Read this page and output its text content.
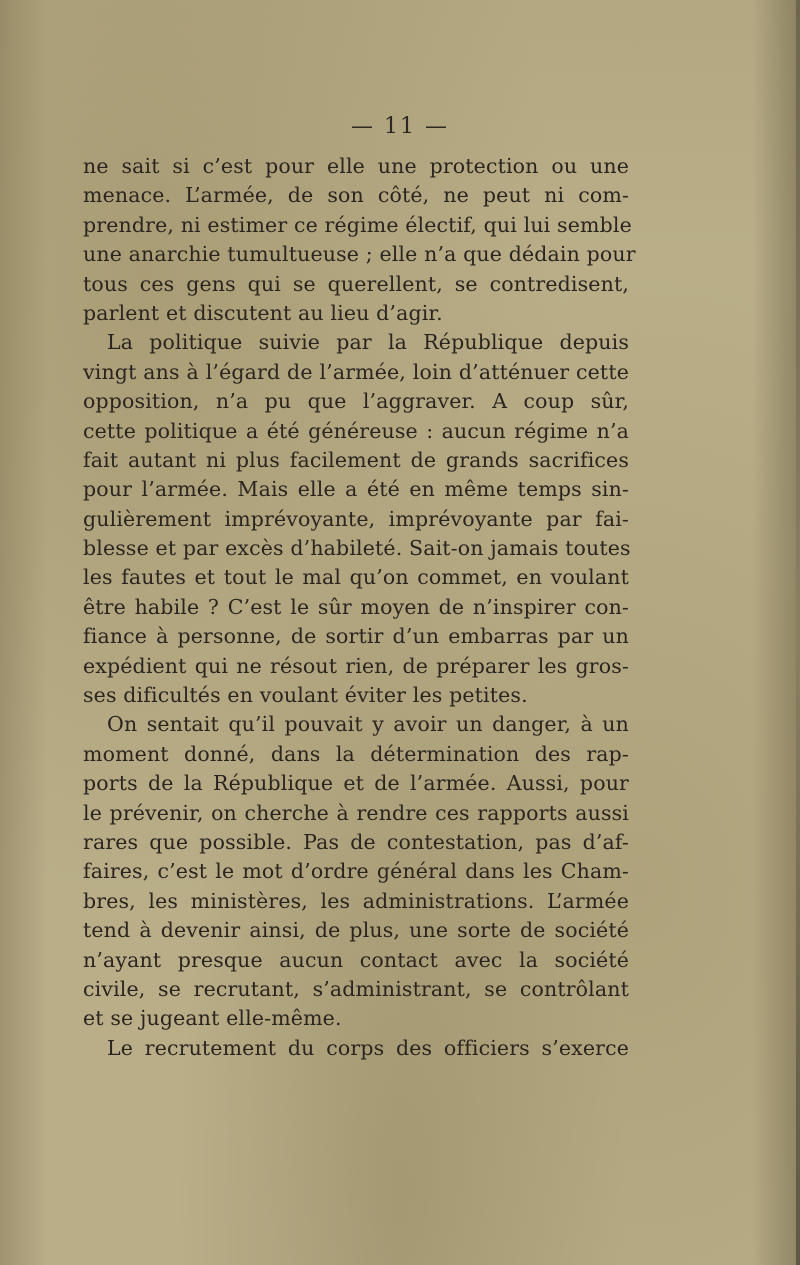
— 11 —
ne sait si c’est pour elle une protection ou une
menace. L’armée, de son côté, ne peut ni com-
prendre, ni estimer ce régime électif, qui lui semble
une anarchie tumultueuse ; elle n’a que dédain pour
tous ces gens qui se querellent, se contredisent,
parlent et discutent au lieu d’agir.
La politique suivie par la République depuis
vingt ans à l’égard de l’armée, loin d’atténuer cette
opposition, n’a pu que l’aggraver. A coup sûr,
cette politique a été généreuse : aucun régime n’a
fait autant ni plus facilement de grands sacrifices
pour l’armée. Mais elle a été en même temps sin-
gulièrement imprévoyante, imprévoyante par fai-
blesse et par excès d’habileté. Sait-on jamais toutes
les fautes et tout le mal qu’on commet, en voulant
être habile ? C’est le sûr moyen de n’inspirer con-
fiance à personne, de sortir d’un embarras par un
expédient qui ne résout rien, de préparer les gros-
ses dificultés en voulant éviter les petites.
On sentait qu’il pouvait y avoir un danger, à un
moment donné, dans la détermination des rap-
ports de la République et de l’armée. Aussi, pour
le prévenir, on cherche à rendre ces rapports aussi
rares que possible. Pas de contestation, pas d’af-
faires, c’est le mot d’ordre général dans les Cham-
bres, les ministères, les administrations. L’armée
tend à devenir ainsi, de plus, une sorte de société
n’ayant presque aucun contact avec la société
civile, se recrutant, s’administrant, se contrôlant
et se jugeant elle-même.
Le recrutement du corps des officiers s’exerce
